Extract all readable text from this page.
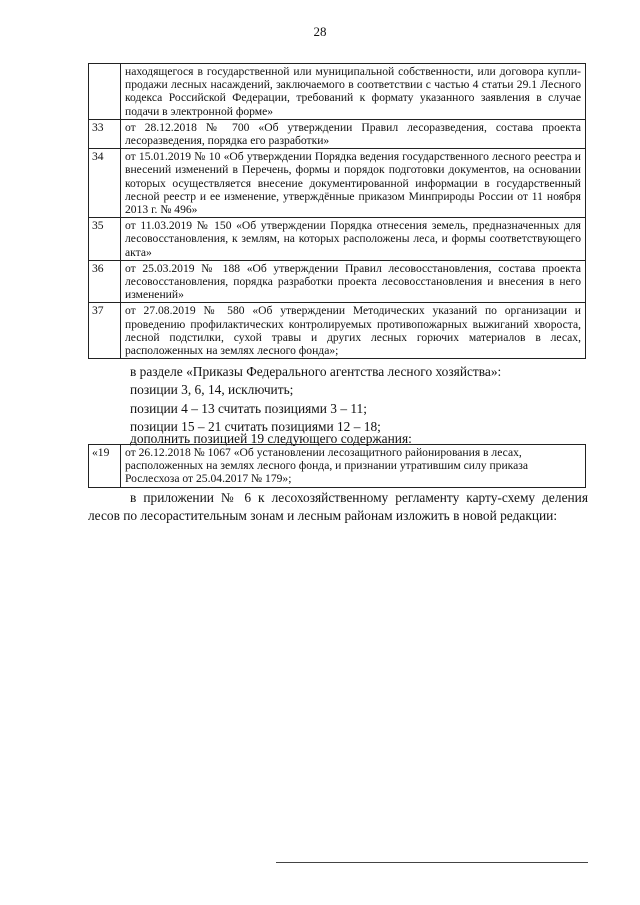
28
	находящегося в государственной или муниципальной собственности, или договора купли-продажи лесных насаждений, заключаемого в соответствии с частью 4 статьи 29.1 Лесного кодекса Российской Федерации, требований к формату указанного заявления в случае подачи в электронной форме»
33	от 28.12.2018 № 700 «Об утверждении Правил лесоразведения, состава проекта лесоразведения, порядка его разработки»
34	от 15.01.2019 № 10 «Об утверждении Порядка ведения государственного лесного реестра и внесений изменений в Перечень, формы и порядок подготовки документов, на основании которых осуществляется внесение документированной информации в государственный лесной реестр и ее изменение, утверждённые приказом Минприроды России от 11 ноября 2013 г. № 496»
35	от 11.03.2019 № 150 «Об утверждении Порядка отнесения земель, предназначенных для лесовосстановления, к землям, на которых расположены леса, и формы соответствующего акта»
36	от 25.03.2019 № 188 «Об утверждении Правил лесовосстановления, состава проекта лесовосстановления, порядка разработки проекта лесовосстановления и внесения в него изменений»
37	от 27.08.2019 № 580 «Об утверждении Методических указаний по организации и проведению профилактических контролируемых противопожарных выжиганий хвороста, лесной подстилки, сухой травы и других лесных горючих материалов в лесах, расположенных на землях лесного фонда»;
в разделе «Приказы Федерального агентства лесного хозяйства»:
позиции 3, 6, 14, исключить;
позиции 4 – 13 считать позициями 3 – 11;
позиции 15 – 21 считать позициями 12 – 18;
дополнить позицией 19 следующего содержания:
«19	от 26.12.2018 № 1067 «Об установлении лесозащитного районирования в лесах, расположенных на землях лесного фонда, и признании утратившим силу приказа Рослесхоза от 25.04.2017 № 179»;
в приложении № 6 к лесохозяйственному регламенту карту-схему деления лесов по лесорастительным зонам и лесным районам изложить в новой редакции:
